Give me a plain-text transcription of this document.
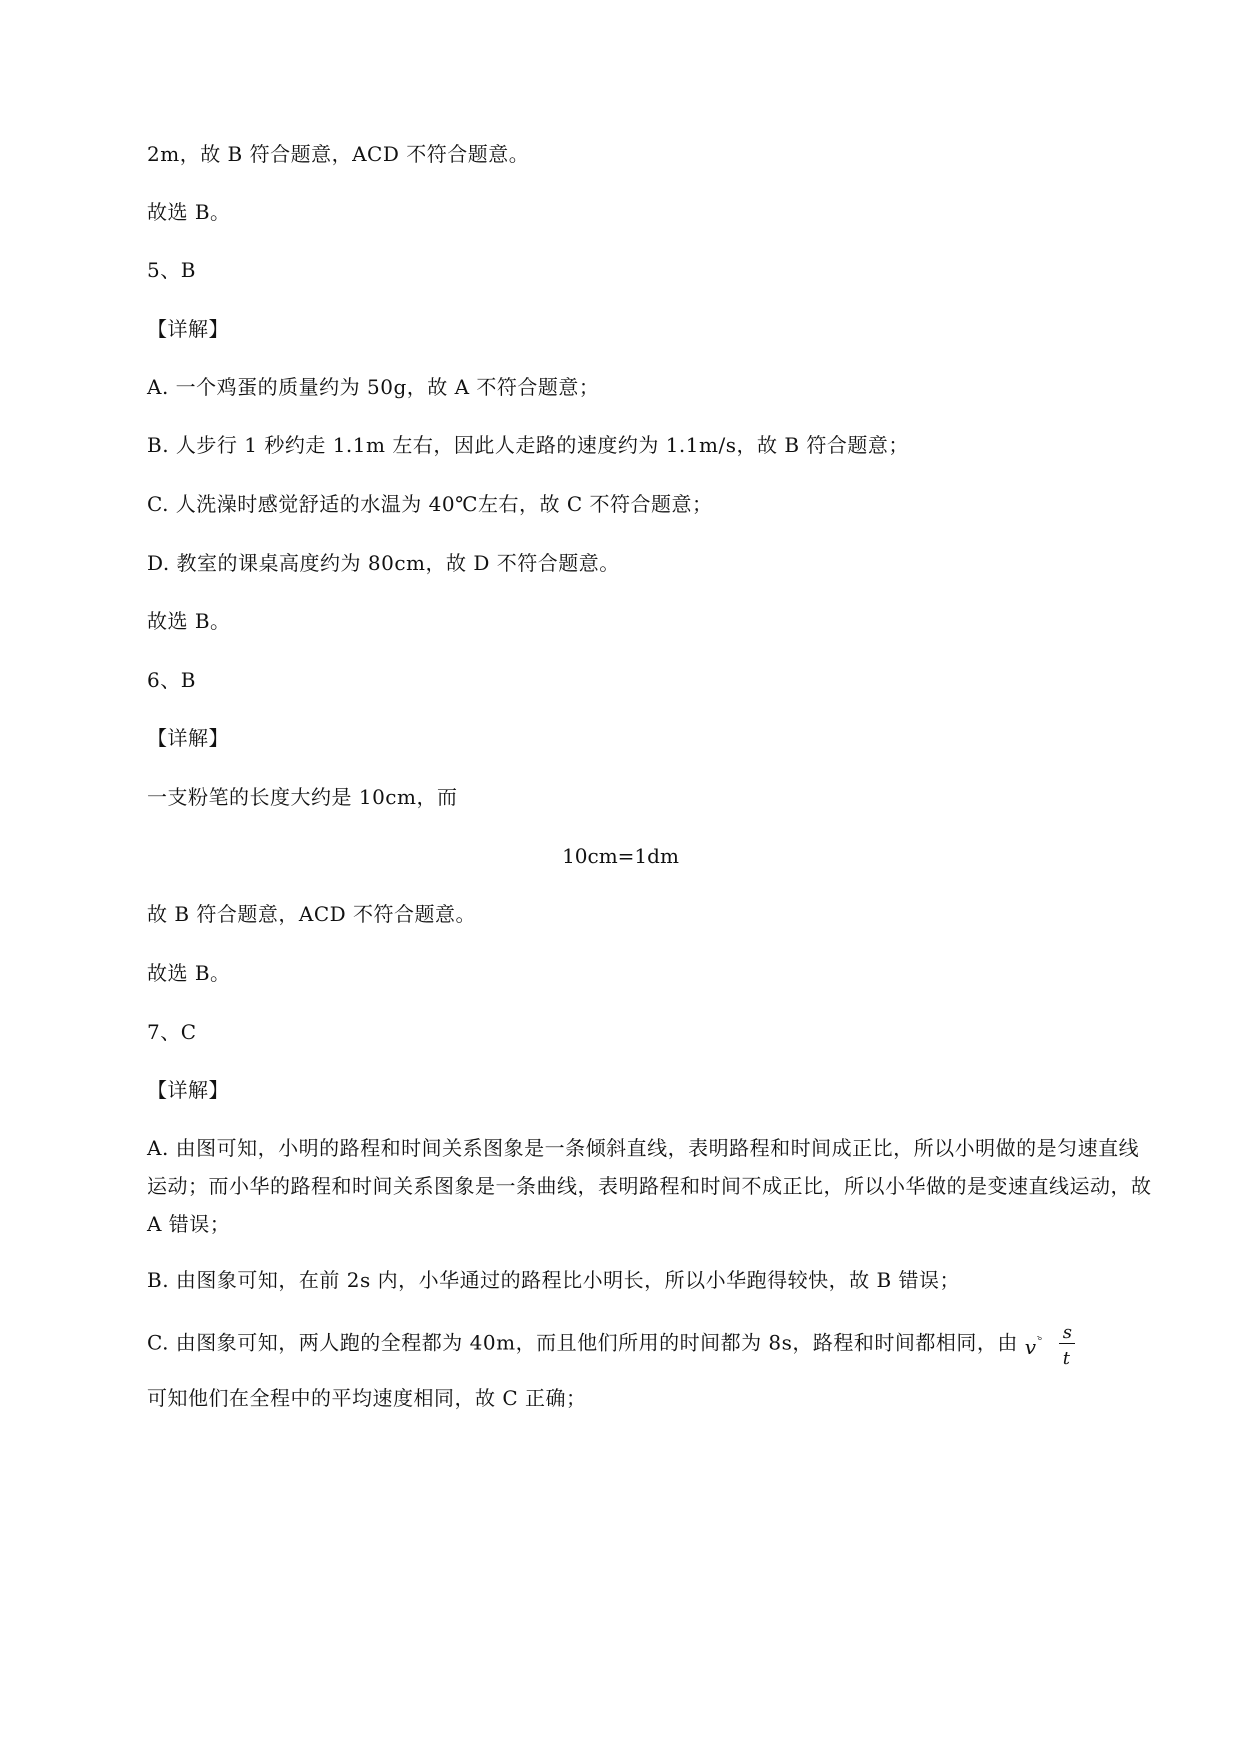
2m，故 B 符合题意，ACD 不符合题意。
故选 B。
5、B
【详解】
A. 一个鸡蛋的质量约为 50g，故 A 不符合题意；
B. 人步行 1 秒约走 1.1m 左右，因此人走路的速度约为 1.1m/s，故 B 符合题意；
C. 人洗澡时感觉舒适的水温为 40℃左右，故 C 不符合题意；
D. 教室的课桌高度约为 80cm，故 D 不符合题意。
故选 B。
6、B
【详解】
一支粉笔的长度大约是 10cm，而
10cm=1dm
故 B 符合题意，ACD 不符合题意。
故选 B。
7、C
【详解】
A. 由图可知，小明的路程和时间关系图象是一条倾斜直线，表明路程和时间成正比，所以小明做的是匀速直线运动；而小华的路程和时间关系图象是一条曲线，表明路程和时间不成正比，所以小华做的是变速直线运动，故 A 错误；
B. 由图象可知，在前 2s 内，小华通过的路程比小明长，所以小华跑得较快，故 B 错误；
C. 由图象可知，两人跑的全程都为 40m，而且他们所用的时间都为 8s，路程和时间都相同，由 v ׂ°ׂ s
t
可知他们在全程中的平均速度相同，故 C 正确；
